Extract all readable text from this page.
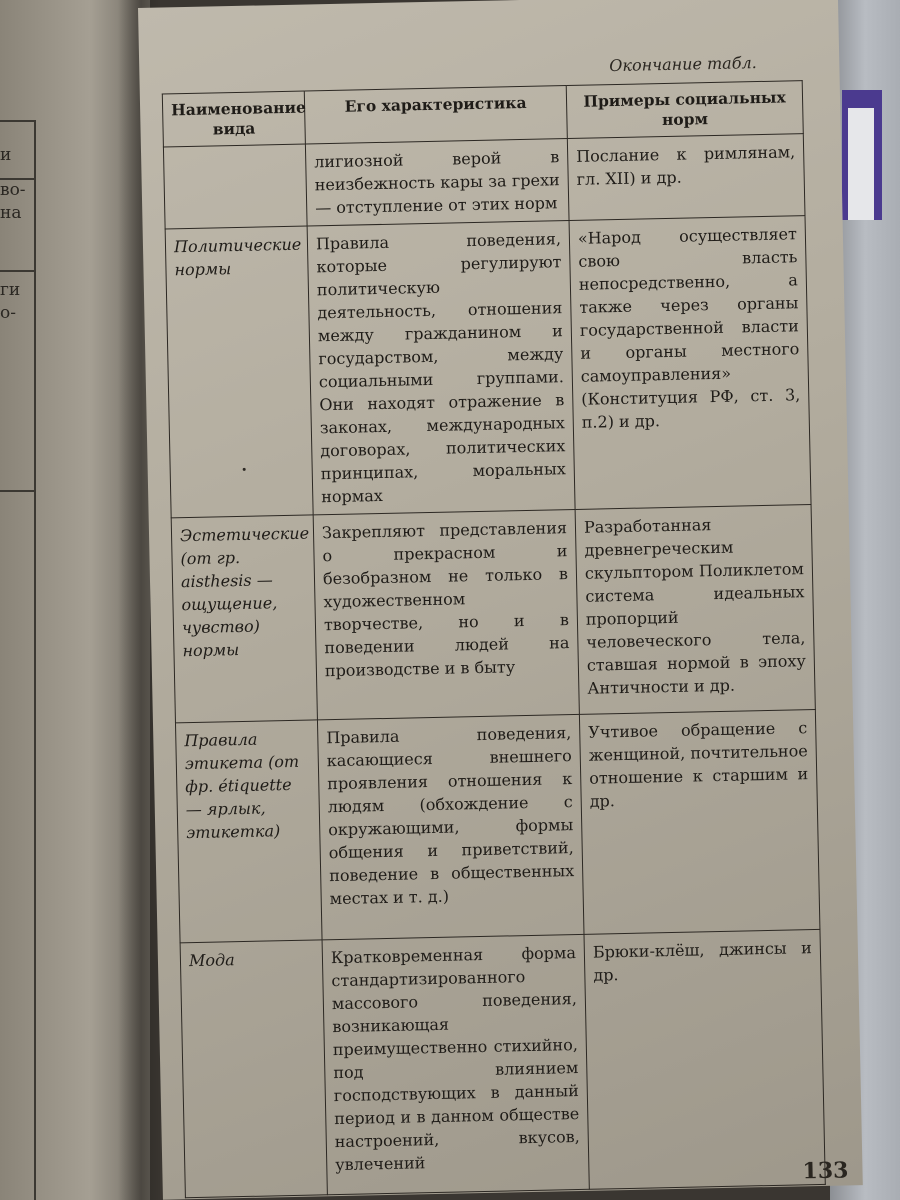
и
во-
на
ги
о-
Окончание табл.
Наименование вида	Его характеристика	Примеры социальных норм
	лигиозной верой в неизбежность кары за грехи — отступление от этих норм	Послание к римлянам, гл. XII) и др.
Политические нормы	Правила поведения, которые регулируют политическую деятельность, отношения между гражданином и государством, между социальными группами. Они находят отражение в законах, международных договорах, политических принципах, моральных нормах	«Народ осуществляет свою власть непосредственно, а также через органы государственной власти и органы местного самоуправления» (Конституция РФ, ст. 3, п.2) и др.
Эстетические (от гр. aisthesis — ощущение, чувство) нормы	Закрепляют представления о прекрасном и безобразном не только в художественном творчестве, но и в поведении людей на производстве и в быту	Разработанная древнегреческим скульптором Поликлетом система идеальных пропорций человеческого тела, ставшая нормой в эпоху Античности и др.
Правила этикета (от фр. étiquette — ярлык, этикетка)	Правила поведения, касающиеся внешнего проявления отношения к людям (обхождение с окружающими, формы общения и приветствий, поведение в общественных местах и т. д.)	Учтивое обращение с женщиной, почтительное отношение к старшим и др.
Мода	Кратковременная форма стандартизированного массового поведения, возникающая преимущественно стихийно, под влиянием господствующих в данный период и в данном обществе настроений, вкусов, увлечений	Брюки-клёш, джинсы и др.
133
